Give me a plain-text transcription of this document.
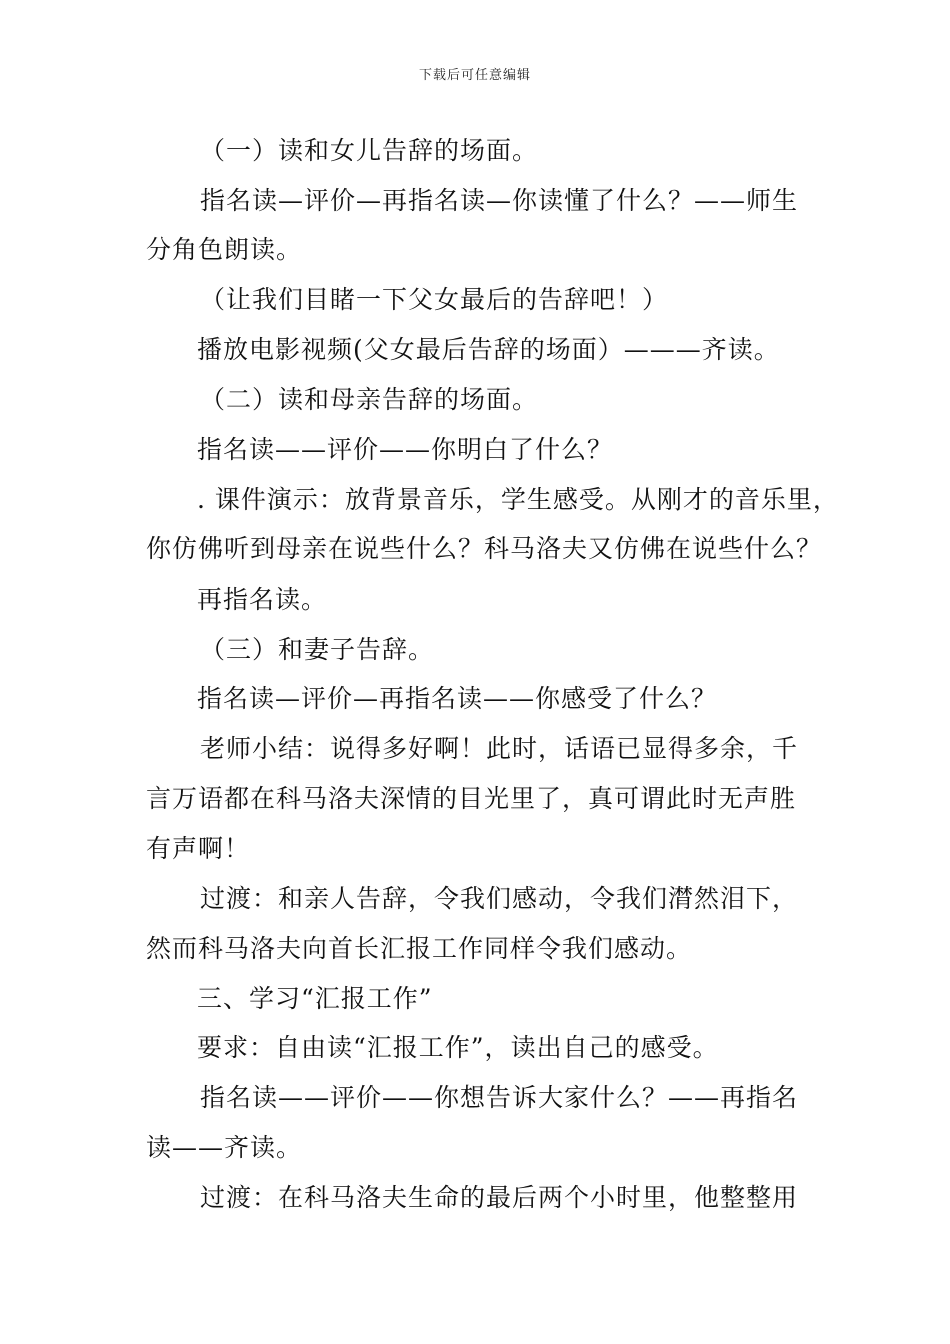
下载后可任意编辑
（一）读和女儿告辞的场面。
指名读—评价—再指名读—你读懂了什么？——师生
分角色朗读。
（让我们目睹一下父女最后的告辞吧！）
播放电影视频(父女最后告辞的场面）———齐读。
（二）读和母亲告辞的场面。
指名读——评价——你明白了什么？
. 课件演示：放背景音乐，学生感受。从刚才的音乐里，
你仿佛听到母亲在说些什么？科马洛夫又仿佛在说些什么？
再指名读。
（三）和妻子告辞。
指名读—评价—再指名读——你感受了什么？
老师小结：说得多好啊！此时，话语已显得多余，千
言万语都在科马洛夫深情的目光里了，真可谓此时无声胜
有声啊！
过渡：和亲人告辞，令我们感动，令我们潸然泪下，
然而科马洛夫向首长汇报工作同样令我们感动。
三、学习“汇报工作”
要求：自由读“汇报工作”，读出自己的感受。
指名读——评价——你想告诉大家什么？——再指名
读——齐读。
过渡：在科马洛夫生命的最后两个小时里，他整整用
